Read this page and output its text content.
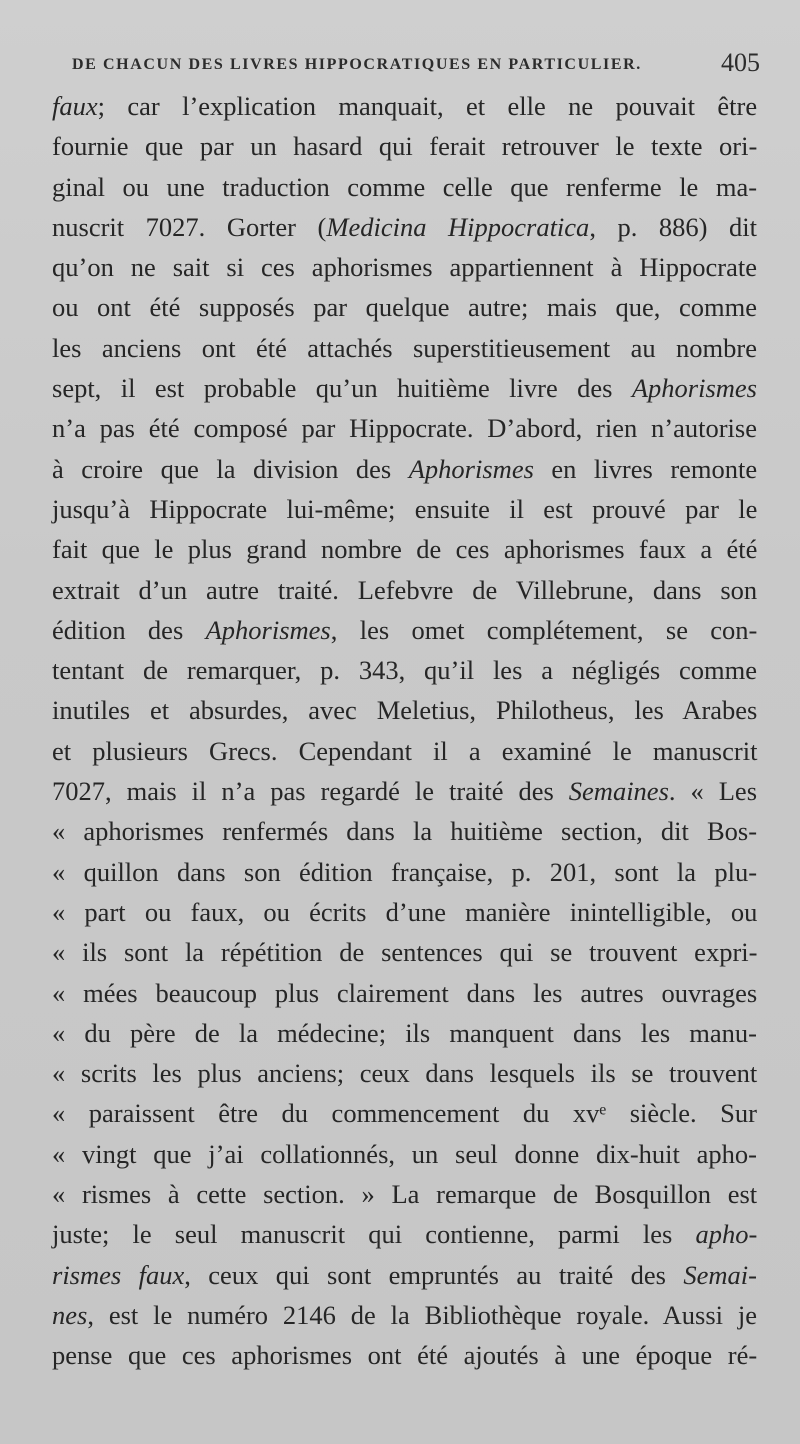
DE CHACUN DES LIVRES HIPPOCRATIQUES EN PARTICULIER.	405
faux; car l’explication manquait, et elle ne pouvait être
fournie que par un hasard qui ferait retrouver le texte ori-
ginal ou une traduction comme celle que renferme le ma-
nuscrit 7027. Gorter (Medicina Hippocratica, p. 886) dit
qu’on ne sait si ces aphorismes appartiennent à Hippocrate
ou ont été supposés par quelque autre; mais que, comme
les anciens ont été attachés superstitieusement au nombre
sept, il est probable qu’un huitième livre des Aphorismes
n’a pas été composé par Hippocrate. D’abord, rien n’autorise
à croire que la division des Aphorismes en livres remonte
jusqu’à Hippocrate lui-même; ensuite il est prouvé par le
fait que le plus grand nombre de ces aphorismes faux a été
extrait d’un autre traité. Lefebvre de Villebrune, dans son
édition des Aphorismes, les omet complétement, se con-
tentant de remarquer, p. 343, qu’il les a négligés comme
inutiles et absurdes, avec Meletius, Philotheus, les Arabes
et plusieurs Grecs. Cependant il a examiné le manuscrit
7027, mais il n’a pas regardé le traité des Semaines. « Les
« aphorismes renfermés dans la huitième section, dit Bos-
« quillon dans son édition française, p. 201, sont la plu-
« part ou faux, ou écrits d’une manière inintelligible, ou
« ils sont la répétition de sentences qui se trouvent expri-
« mées beaucoup plus clairement dans les autres ouvrages
« du père de la médecine; ils manquent dans les manu-
« scrits les plus anciens; ceux dans lesquels ils se trouvent
« paraissent être du commencement du xvᵉ siècle. Sur
« vingt que j’ai collationnés, un seul donne dix-huit apho-
« rismes à cette section. » La remarque de Bosquillon est
juste; le seul manuscrit qui contienne, parmi les apho-
rismes faux, ceux qui sont empruntés au traité des Semai-
nes, est le numéro 2146 de la Bibliothèque royale. Aussi je
pense que ces aphorismes ont été ajoutés à une époque ré-
